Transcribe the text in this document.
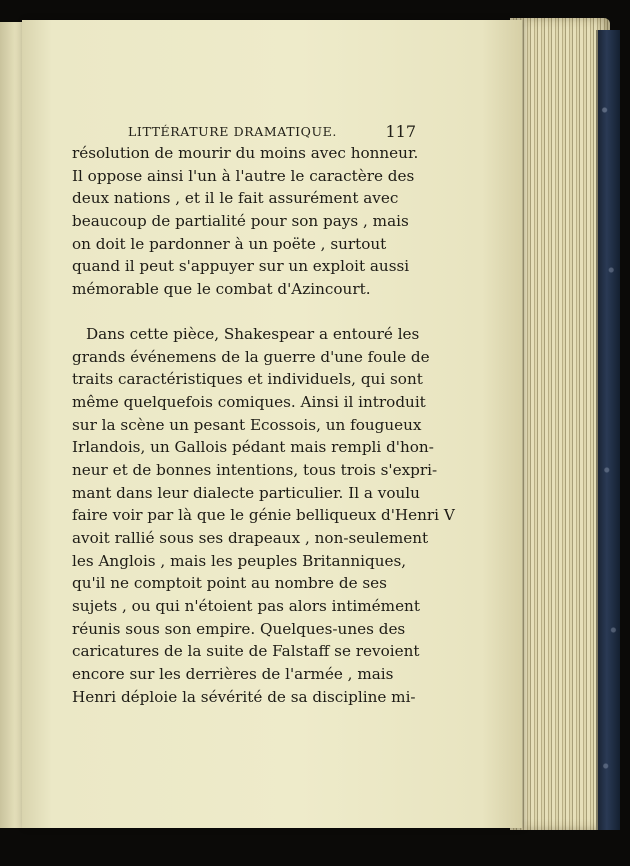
LITTÉRATURE DRAMATIQUE.	117
résolution de mourir du moins avec honneur.
Il oppose ainsi l'un à l'autre le caractère des
deux nations , et il le fait assurément avec
beaucoup de partialité pour son pays , mais
on doit le pardonner à un poëte , surtout
quand il peut s'appuyer sur un exploit aussi
mémorable que le combat d'Azincourt.
Dans cette pièce, Shakespear a entouré les
grands événemens de la guerre d'une foule de
traits caractéristiques et individuels, qui sont
même quelquefois comiques. Ainsi il introduit
sur la scène un pesant Ecossois, un fougueux
Irlandois, un Gallois pédant mais rempli d'hon-
neur et de bonnes intentions, tous trois s'expri-
mant dans leur dialecte particulier. Il a voulu
faire voir par là que le génie belliqueux d'Henri V
avoit rallié sous ses drapeaux , non-seulement
les Anglois , mais les peuples Britanniques,
qu'il ne comptoit point au nombre de ses
sujets , ou qui n'étoient pas alors intimément
réunis sous son empire. Quelques-unes des
caricatures de la suite de Falstaff se revoient
encore sur les derrières de l'armée , mais
Henri déploie la sévérité de sa discipline mi-
